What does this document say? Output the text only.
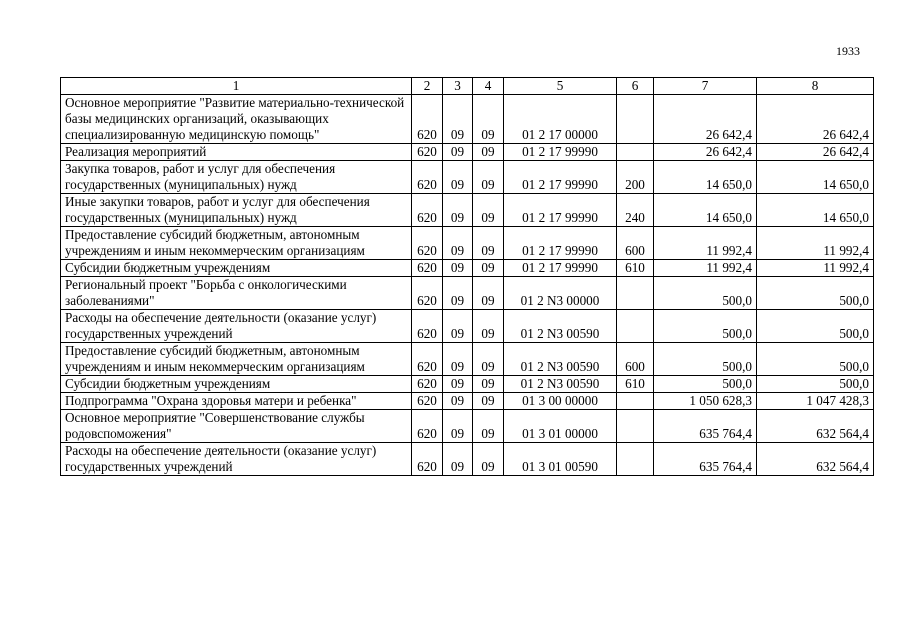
1933
1	2	3	4	5	6	7	8
Основное мероприятие "Развитие материально-технической базы медицинских организаций, оказывающих специализированную медицинскую помощь"	620	09	09	01 2 17 00000		26 642,4	26 642,4
Реализация мероприятий	620	09	09	01 2 17 99990		26 642,4	26 642,4
Закупка товаров, работ и услуг для обеспечения государственных (муниципальных) нужд	620	09	09	01 2 17 99990	200	14 650,0	14 650,0
Иные закупки товаров, работ и услуг для обеспечения государственных (муниципальных) нужд	620	09	09	01 2 17 99990	240	14 650,0	14 650,0
Предоставление субсидий бюджетным, автономным учреждениям и иным некоммерческим организациям	620	09	09	01 2 17 99990	600	11 992,4	11 992,4
Субсидии бюджетным учреждениям	620	09	09	01 2 17 99990	610	11 992,4	11 992,4
Региональный проект "Борьба с онкологическими заболеваниями"	620	09	09	01 2 N3 00000		500,0	500,0
Расходы на обеспечение деятельности (оказание услуг) государственных учреждений	620	09	09	01 2 N3 00590		500,0	500,0
Предоставление субсидий бюджетным, автономным учреждениям и иным некоммерческим организациям	620	09	09	01 2 N3 00590	600	500,0	500,0
Субсидии бюджетным учреждениям	620	09	09	01 2 N3 00590	610	500,0	500,0
Подпрограмма "Охрана здоровья матери и ребенка"	620	09	09	01 3 00 00000		1 050 628,3	1 047 428,3
Основное мероприятие "Совершенствование службы родовспоможения"	620	09	09	01 3 01 00000		635 764,4	632 564,4
Расходы на обеспечение деятельности (оказание услуг) государственных учреждений	620	09	09	01 3 01 00590		635 764,4	632 564,4
